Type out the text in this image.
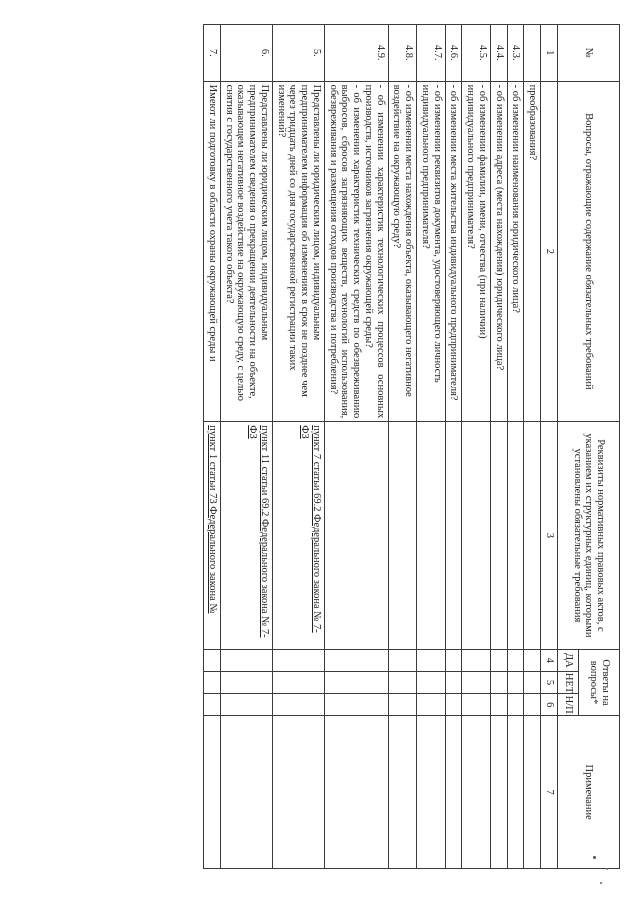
№	Вопросы, отражающие содержание обязательных требований	Реквизиты нормативных правовых актов, с указанием их структурных единиц, которыми установлены обязательные требования	Ответы на вопросы*			Примечание
			ДА	НЕТ	Н/П	
1	2	3	4	5	6	7
	преобразования?					
4.3.	- об изменении наименования юридического лица?					
4.4.	- об изменении адреса (места нахождения) юридического лица?					
4.5.	- об изменении фамилии, имени, отчества (при наличии) индивидуального предпринимателя?					
4.6.	- об изменении места жительства индивидуального предпринимателя?					
4.7.	- об изменении реквизитов документа, удостоверяющего личность индивидуального предпринимателя?					
4.8.	- об изменении места нахождения объекта, оказывающего негативное воздействие на окружающую среду?					
4.9.	- об изменении характеристик технологических процессов основных производств, источников загрязнения окружающей среды?
- об изменении характеристик технических средств по обезвреживанию выбросов, сбросов загрязняющих веществ, технологий использования, обезвреживания и размещения отходов производства и потребления?					
5.	Представлены ли юридическим лицом, индивидуальным предпринимателем информация об изменениях в срок не позднее чем через тридцать дней со дня государственной регистрации таких изменений?	пункт 7 статьи 69.2 Федерального закона № 7-ФЗ				
6.	Представлены ли юридическим лицом, индивидуальным предпринимателем сведения о прекращении деятельности на объекте, оказывающем негативное воздействие на окружающую среду, с целью снятия с государственного учета такого объекта?	пункт 11 статьи 69.2 Федерального закона № 7-ФЗ				
7.	Имеют ли подготовку в области охраны окружающей среды и	пункт 1 статьи 73 Федерального закона №				
